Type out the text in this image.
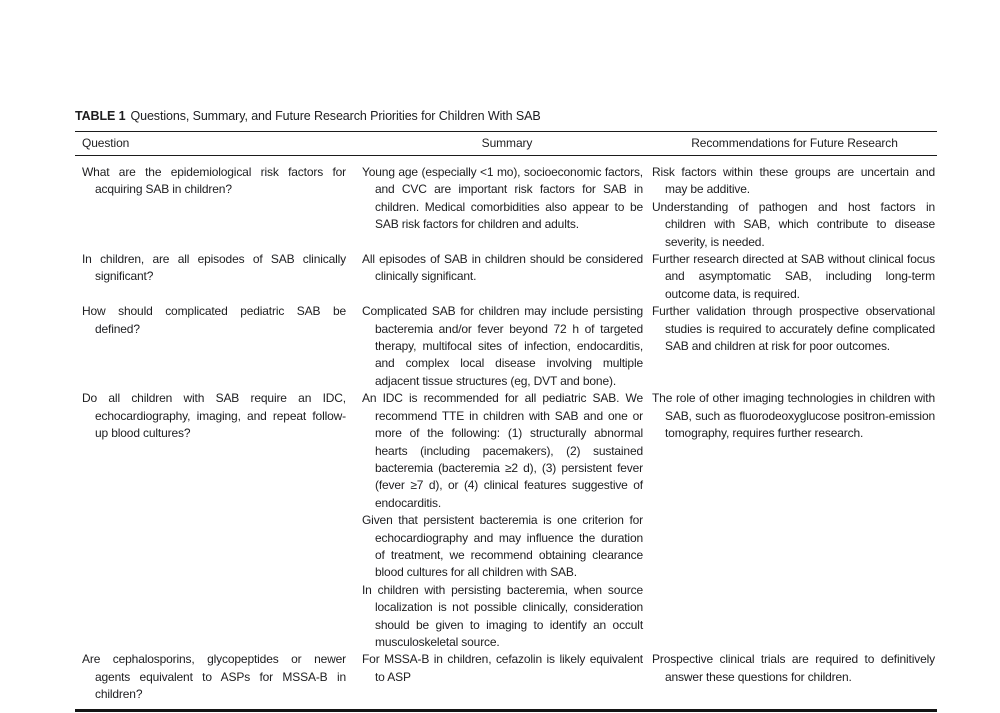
TABLE 1 Questions, Summary, and Future Research Priorities for Children With SAB

Question	Summary	Recommendations for Future Research

What are the epidemiological risk factors for acquiring SAB in children?

Young age (especially <1 mo), socioeconomic factors, and CVC are important risk factors for SAB in children. Medical comorbidities also appear to be SAB risk factors for children and adults.

Risk factors within these groups are uncertain and may be additive.

Understanding of pathogen and host factors in children with SAB, which contribute to disease severity, is needed.

In children, are all episodes of SAB clinically significant?

All episodes of SAB in children should be considered clinically significant.

Further research directed at SAB without clinical focus and asymptomatic SAB, including long-term outcome data, is required.

How should complicated pediatric SAB be defined?

Complicated SAB for children may include persisting bacteremia and/or fever beyond 72 h of targeted therapy, multifocal sites of infection, endocarditis, and complex local disease involving multiple adjacent tissue structures (eg, DVT and bone).

Further validation through prospective observational studies is required to accurately define complicated SAB and children at risk for poor outcomes.

Do all children with SAB require an IDC, echocardiography, imaging, and repeat follow-up blood cultures?

An IDC is recommended for all pediatric SAB. We recommend TTE in children with SAB and one or more of the following: (1) structurally abnormal hearts (including pacemakers), (2) sustained bacteremia (bacteremia ≥2 d), (3) persistent fever (fever ≥7 d), or (4) clinical features suggestive of endocarditis.

Given that persistent bacteremia is one criterion for echocardiography and may influence the duration of treatment, we recommend obtaining clearance blood cultures for all children with SAB.

In children with persisting bacteremia, when source localization is not possible clinically, consideration should be given to imaging to identify an occult musculoskeletal source.

The role of other imaging technologies in children with SAB, such as fluorodeoxyglucose positron-emission tomography, requires further research.

Are cephalosporins, glycopeptides or newer agents equivalent to ASPs for MSSA-B in children?

For MSSA-B in children, cefazolin is likely equivalent to ASP

Prospective clinical trials are required to definitively answer these questions for children.
